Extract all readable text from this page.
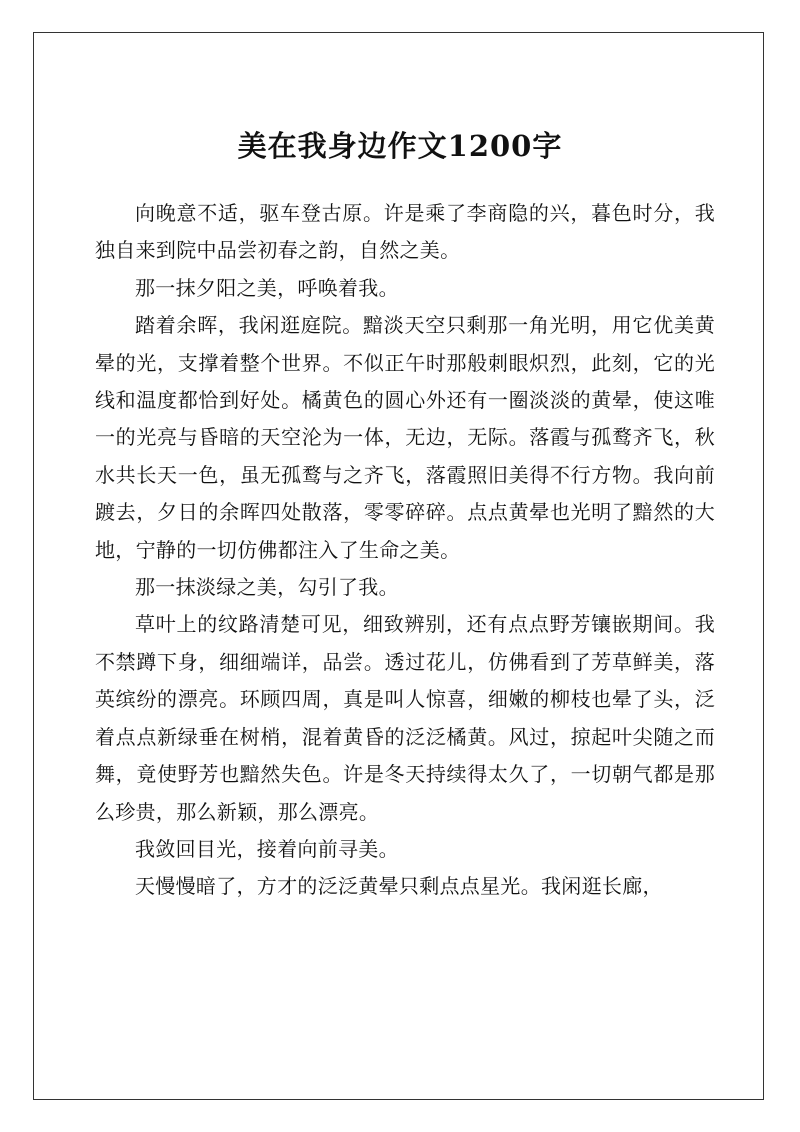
美在我身边作文1200字

向晚意不适，驱车登古原。许是乘了李商隐的兴，暮色时分，我独自来到院中品尝初春之韵，自然之美。

那一抹夕阳之美，呼唤着我。

踏着余晖，我闲逛庭院。黯淡天空只剩那一角光明，用它优美黄晕的光，支撑着整个世界。不似正午时那般刺眼炽烈，此刻，它的光线和温度都恰到好处。橘黄色的圆心外还有一圈淡淡的黄晕，使这唯一的光亮与昏暗的天空沦为一体，无边，无际。落霞与孤鹜齐飞，秋水共长天一色，虽无孤鹜与之齐飞，落霞照旧美得不行方物。我向前踱去，夕日的余晖四处散落，零零碎碎。点点黄晕也光明了黯然的大地，宁静的一切仿佛都注入了生命之美。

那一抹淡绿之美，勾引了我。

草叶上的纹路清楚可见，细致辨别，还有点点野芳镶嵌期间。我不禁蹲下身，细细端详，品尝。透过花儿，仿佛看到了芳草鲜美，落英缤纷的漂亮。环顾四周，真是叫人惊喜，细嫩的柳枝也晕了头，泛着点点新绿垂在树梢，混着黄昏的泛泛橘黄。风过，掠起叶尖随之而舞，竟使野芳也黯然失色。许是冬天持续得太久了，一切朝气都是那么珍贵，那么新颖，那么漂亮。

我敛回目光，接着向前寻美。

天慢慢暗了，方才的泛泛黄晕只剩点点星光。我闲逛长廊，
